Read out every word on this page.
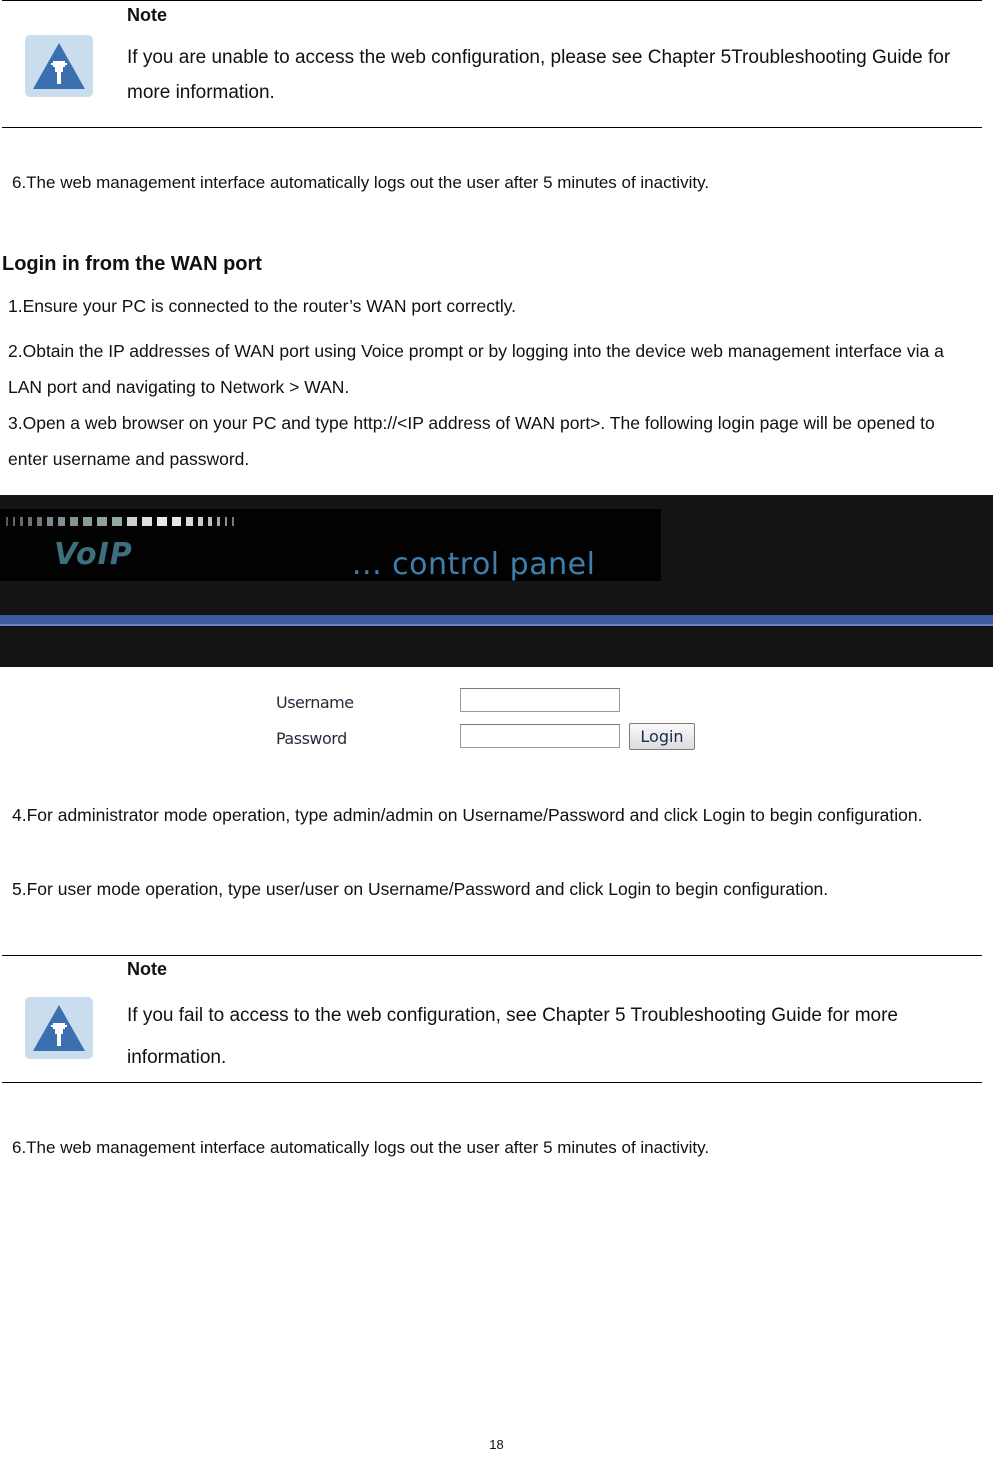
Note
If you are unable to access the web configuration, please see Chapter 5Troubleshooting Guide for more information.
6.The web management interface automatically logs out the user after 5 minutes of inactivity.
Login in from the WAN port
1.Ensure your PC is connected to the router’s WAN port correctly.
2.Obtain the IP addresses of WAN port using Voice prompt or by logging into the device web management interface via a LAN port and navigating to Network > WAN.
3.Open a web browser on your PC and type http://<IP address of WAN port>. The following login page will be opened to enter username and password.
VoIP	... control panel
Username
Password	Login
4.For administrator mode operation, type admin/admin on Username/Password and click Login to begin configuration.
5.For user mode operation, type user/user on Username/Password and click Login to begin configuration.
Note
If you fail to access to the web configuration, see Chapter 5 Troubleshooting Guide for more information.
6.The web management interface automatically logs out the user after 5 minutes of inactivity.
18
